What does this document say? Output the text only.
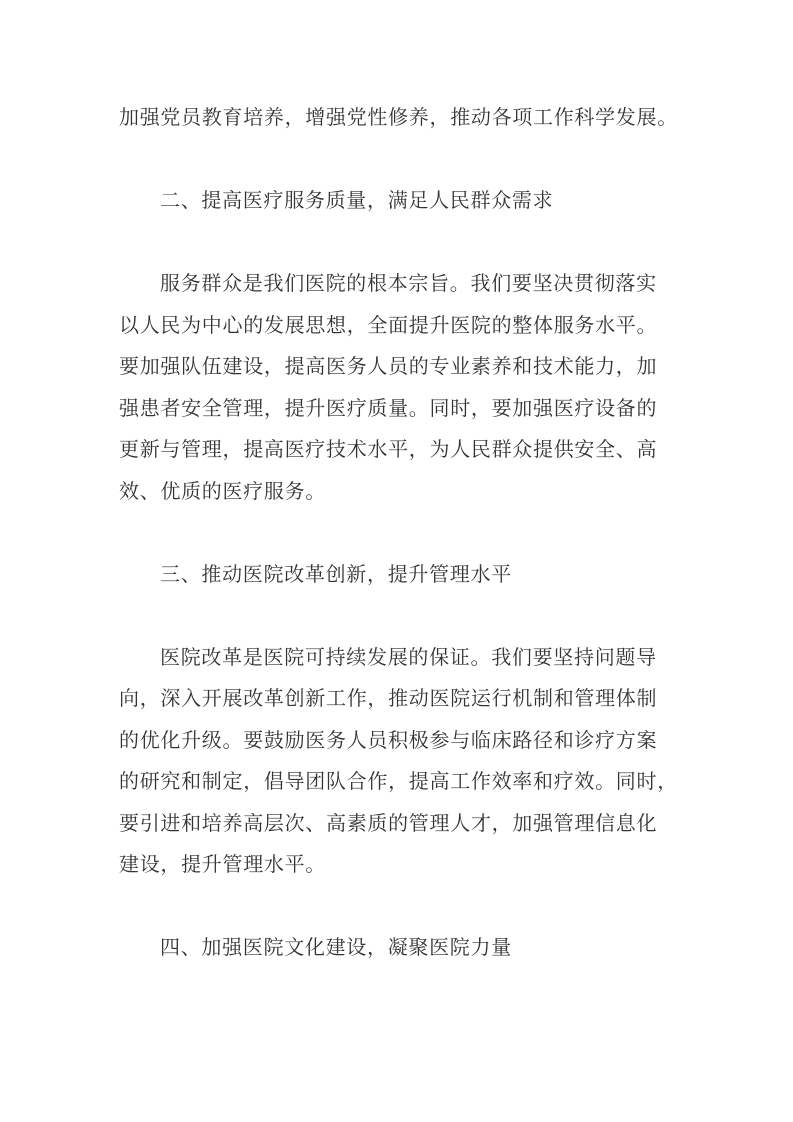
加强党员教育培养，增强党性修养，推动各项工作科学发展。
二、提高医疗服务质量，满足人民群众需求
服务群众是我们医院的根本宗旨。我们要坚决贯彻落实
以人民为中心的发展思想，全面提升医院的整体服务水平。
要加强队伍建设，提高医务人员的专业素养和技术能力，加
强患者安全管理，提升医疗质量。同时，要加强医疗设备的
更新与管理，提高医疗技术水平，为人民群众提供安全、高
效、优质的医疗服务。
三、推动医院改革创新，提升管理水平
医院改革是医院可持续发展的保证。我们要坚持问题导
向，深入开展改革创新工作，推动医院运行机制和管理体制
的优化升级。要鼓励医务人员积极参与临床路径和诊疗方案
的研究和制定，倡导团队合作，提高工作效率和疗效。同时，
要引进和培养高层次、高素质的管理人才，加强管理信息化
建设，提升管理水平。
四、加强医院文化建设，凝聚医院力量
